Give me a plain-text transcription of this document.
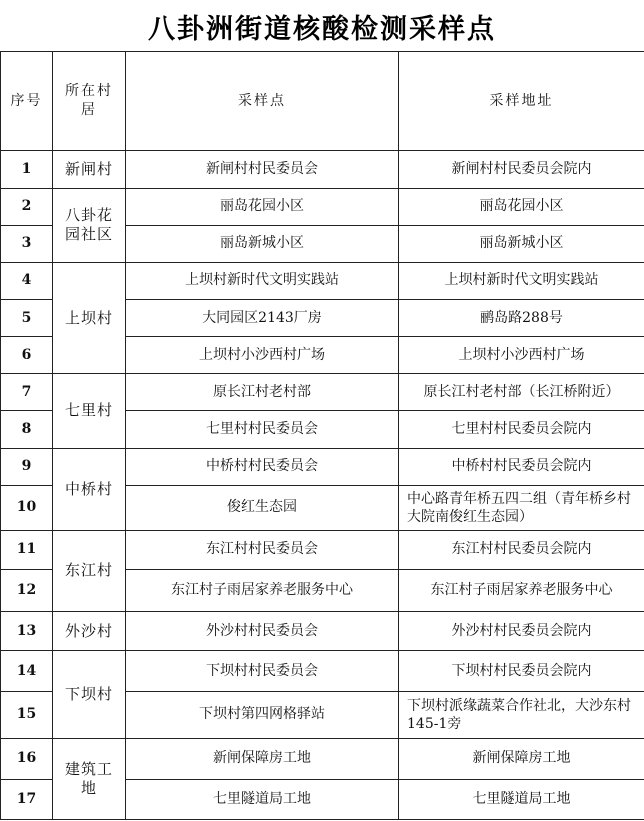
八卦洲街道核酸检测采样点
序号	所在村居	采样点	采样地址
1	新闸村	新闸村村民委员会	新闸村村民委员会院内
2	八卦花园社区	丽岛花园小区	丽岛花园小区
3		丽岛新城小区	丽岛新城小区
4	上坝村	上坝村新时代文明实践站	上坝村新时代文明实践站
5		大同园区2143厂房	鹂岛路288号
6		上坝村小沙西村广场	上坝村小沙西村广场
7	七里村	原长江村老村部	原长江村老村部（长江桥附近）
8		七里村村民委员会	七里村村民委员会院内
9	中桥村	中桥村村民委员会	中桥村村民委员会院内
10		俊红生态园	中心路青年桥五四二组（青年桥乡村大院南俊红生态园）
11	东江村	东江村村民委员会	东江村村民委员会院内
12		东江村子雨居家养老服务中心	东江村子雨居家养老服务中心
13	外沙村	外沙村村民委员会	外沙村村民委员会院内
14	下坝村	下坝村村民委员会	下坝村村民委员会院内
15		下坝村第四网格驿站	下坝村派缘蔬菜合作社北，大沙东村145-1旁
16	建筑工地	新闸保障房工地	新闸保障房工地
17		七里隧道局工地	七里隧道局工地
